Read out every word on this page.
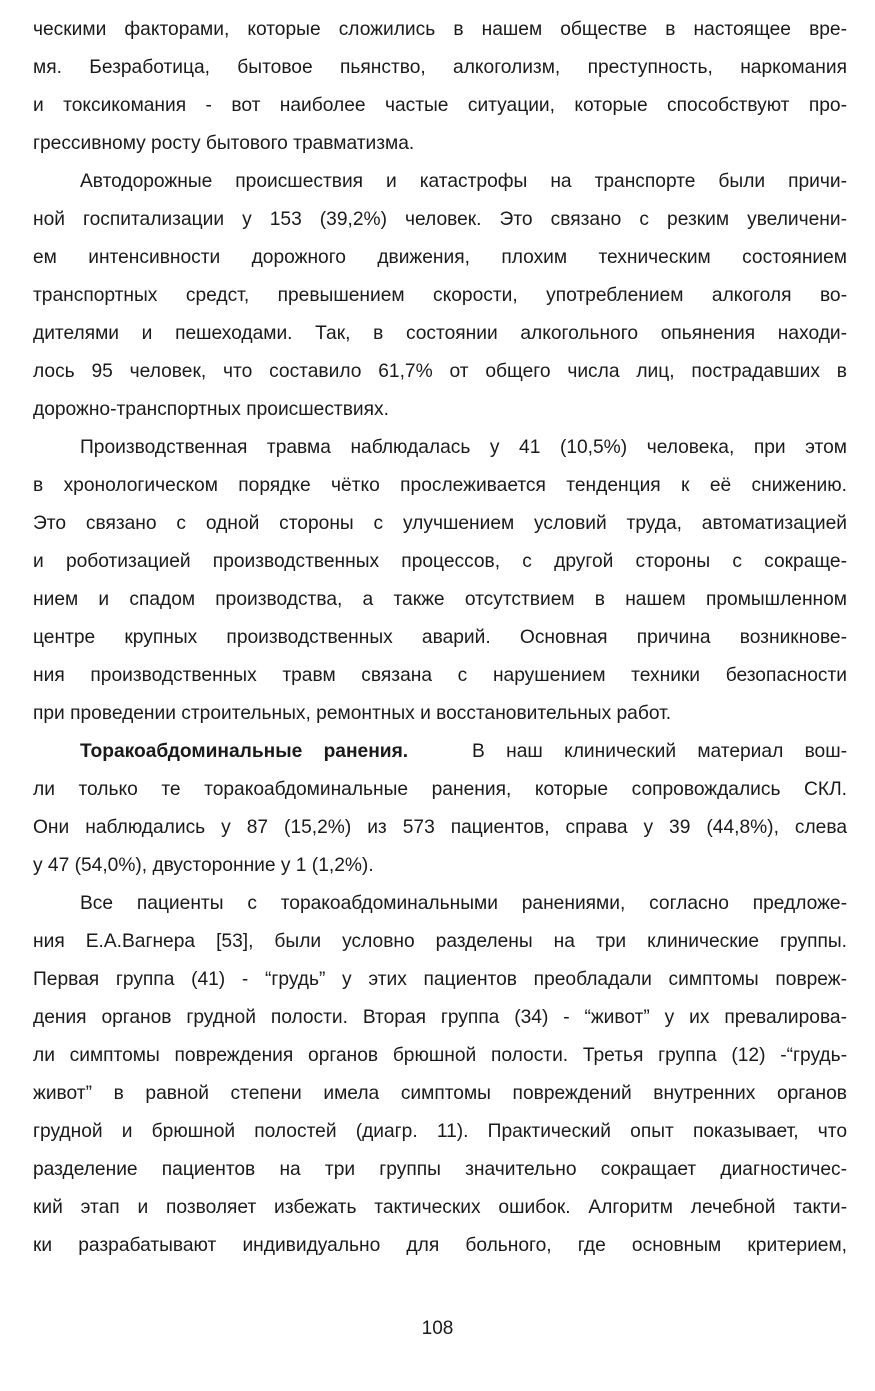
ческими факторами, которые сложились в нашем обществе в настоящее вре-
мя. Безработица, бытовое пьянство, алкоголизм, преступность, наркомания
и токсикомания - вот наиболее частые ситуации, которые способствуют про-
грессивному росту бытового травматизма.
Автодорожные происшествия и катастрофы на транспорте были причи-
ной госпитализации у 153 (39,2%) человек. Это связано с резким увеличени-
ем интенсивности дорожного движения, плохим техническим состоянием
транспортных средст, превышением скорости, употреблением алкоголя во-
дителями и пешеходами. Так, в состоянии алкогольного опьянения находи-
лось 95 человек, что составило 61,7% от общего числа лиц, пострадавших в
дорожно-транспортных происшествиях.
Производственная травма наблюдалась у 41 (10,5%) человека, при этом
в хронологическом порядке чётко прослеживается тенденция к её снижению.
Это связано с одной стороны с улучшением условий труда, автоматизацией
и роботизацией производственных процессов, с другой стороны с сокраще-
нием и спадом производства, а также отсутствием в нашем промышленном
центре крупных производственных аварий. Основная причина возникнове-
ния производственных травм связана с нарушением техники безопасности
при проведении строительных, ремонтных и восстановительных работ.
Торакоабдоминальные ранения.	В наш клинический материал вош-
ли только те торакоабдоминальные ранения, которые сопровождались СКЛ.
Они наблюдались у 87 (15,2%) из 573 пациентов, справа у 39 (44,8%), слева
у 47 (54,0%), двусторонние у 1 (1,2%).
Все пациенты с торакоабдоминальными ранениями, согласно предложе-
ния Е.А.Вагнера [53], были условно разделены на три клинические группы.
Первая группа (41) - “грудь” у этих пациентов преобладали симптомы повреж-
дения органов грудной полости. Вторая группа (34) - “живот” у их превалирова-
ли симптомы повреждения органов брюшной полости. Третья группа (12) -“грудь-
живот” в равной степени имела симптомы повреждений внутренних органов
грудной и брюшной полостей (диагр. 11). Практический опыт показывает, что
разделение пациентов на три группы значительно сокращает диагностичес-
кий этап и позволяет избежать тактических ошибок. Алгоритм лечебной такти-
ки разрабатывают индивидуально для больного, где основным критерием,
108
